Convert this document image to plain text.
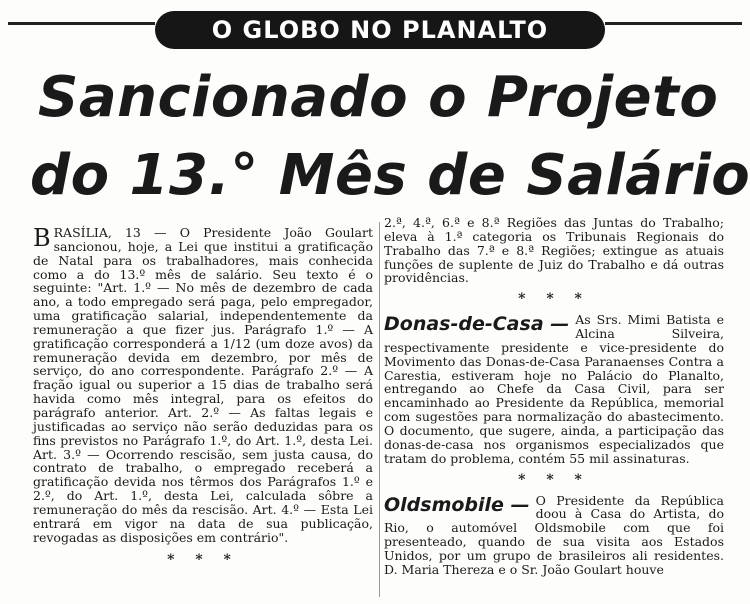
O GLOBO NO PLANALTO
Sancionado o Projeto
do 13.° Mês de Salário

BRASÍLIA, 13 — O Presidente João Goulart sancionou, hoje, a Lei que institui a gratificação de Natal para os trabalhadores, mais conhecida como a do 13.º mês de salário. Seu texto é o seguinte: "Art. 1.º — No mês de dezembro de cada ano, a todo empregado será paga, pelo empregador, uma gratificação salarial, independentemente da remuneração a que fizer jus. Parágrafo 1.º — A gratificação corresponderá a 1/12 (um doze avos) da remuneração devida em dezembro, por mês de serviço, do ano correspondente. Parágrafo 2.º — A fração igual ou superior a 15 dias de trabalho será havida como mês integral, para os efeitos do parágrafo anterior. Art. 2.º — As faltas legais e justificadas ao serviço não serão deduzidas para os fins previstos no Parágrafo 1.º, do Art. 1.º, desta Lei. Art. 3.º — Ocorrendo rescisão, sem justa causa, do contrato de trabalho, o empregado receberá a gratificação devida nos têrmos dos Parágrafos 1.º e 2.º, do Art. 1.º, desta Lei, calculada sôbre a remuneração do mês da rescisão. Art. 4.º — Esta Lei entrará em vigor na data de sua publicação, revogadas as disposições em contrário".

* * *

2.ª, 4.ª, 6.ª e 8.ª Regiões das Juntas do Trabalho; eleva à 1.ª categoria os Tribunais Regionais do Trabalho das 7.ª e 8.ª Regiões; extingue as atuais funções de suplente de Juiz do Trabalho e dá outras providências.

* * *

Donas-de-Casa — As Srs. Mimi Batista e Alcina Silveira, respectivamente presidente e vice-presidente do Movimento das Donas-de-Casa Paranaenses Contra a Carestia, estiveram hoje no Palácio do Planalto, entregando ao Chefe da Casa Civil, para ser encaminhado ao Presidente da República, memorial com sugestões para normalização do abastecimento. O documento, que sugere, ainda, a participação das donas-de-casa nos organismos especializados que tratam do problema, contém 55 mil assinaturas.

* * *

Oldsmobile — O Presidente da República doou à Casa do Artista, do Rio, o automóvel Oldsmobile com que foi presenteado, quando de sua visita aos Estados Unidos, por um grupo de brasileiros ali residentes. D. Maria Thereza e o Sr. João Goulart houve
